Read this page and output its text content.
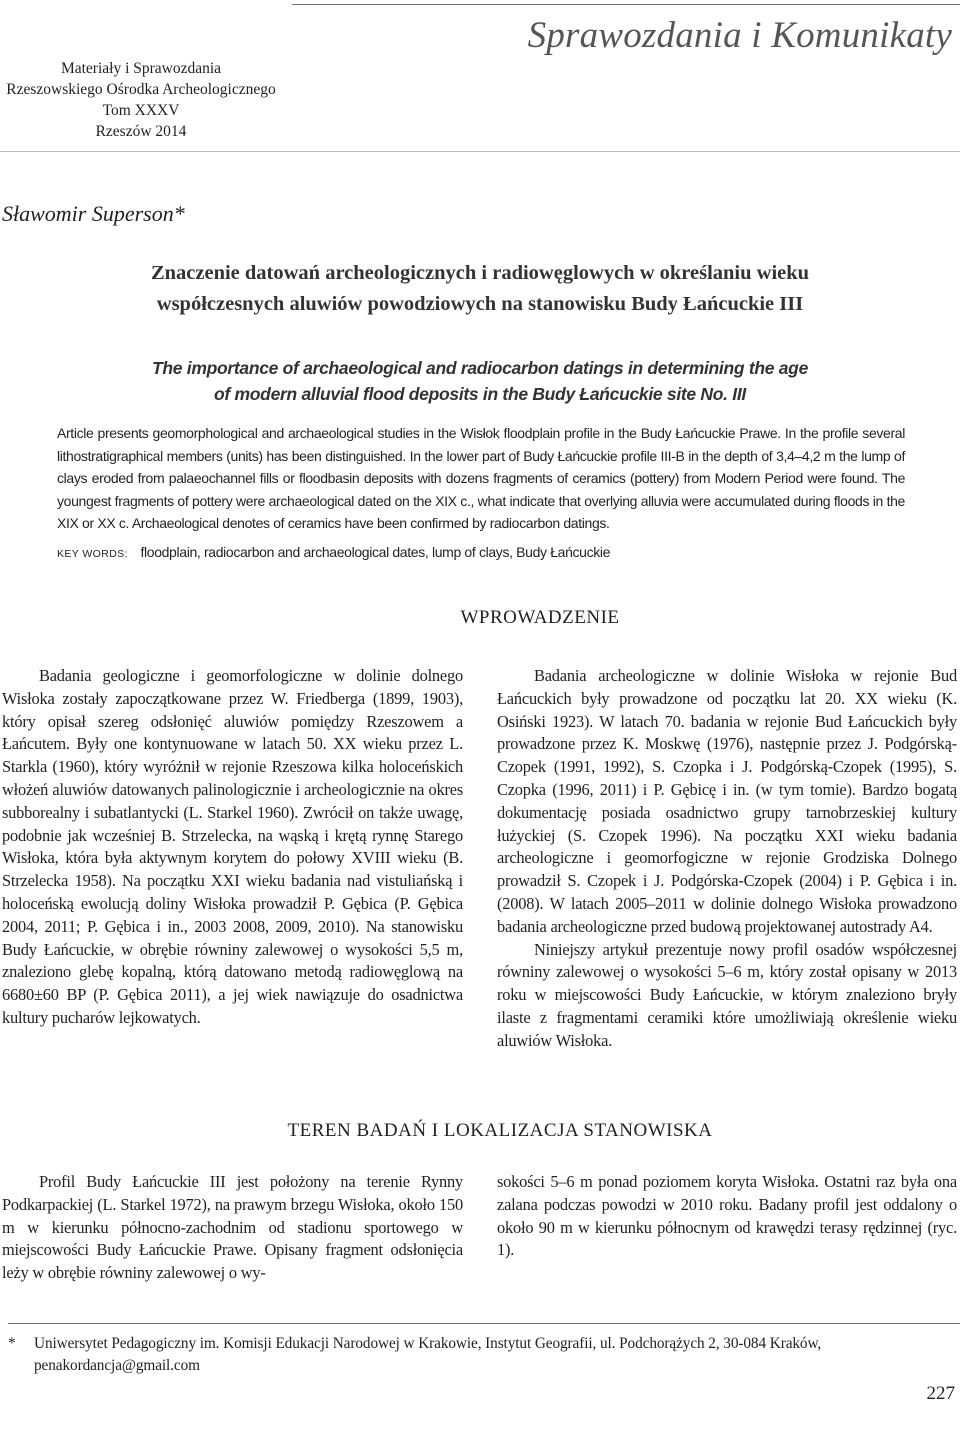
Materiały i Sprawozdania
Rzeszowskiego Ośrodka Archeologicznego
Tom XXXV
Rzeszów 2014
Sprawozdania i Komunikaty
Sławomir Superson*
Znaczenie datowań archeologicznych i radiowęglowych w określaniu wieku
współczesnych aluwiów powodziowych na stanowisku Budy Łańcuckie III
The importance of archaeological and radiocarbon datings in determining the age
of modern alluvial flood deposits in the Budy Łańcuckie site No. III
Article presents geomorphological and archaeological studies in the Wisłok floodplain profile in the Budy Łańcuckie Prawe. In the profile several lithostratigraphical members (units) has been distinguished. In the lower part of Budy Łańcuckie profile III-B in the depth of 3,4–4,2 m the lump of clays eroded from palaeochannel fills or floodbasin deposits with dozens fragments of ceramics (pottery) from Modern Period were found. The youngest fragments of pottery were archaeological dated on the XIX c., what indicate that overlying alluvia were accumulated during floods in the XIX or XX c. Archaeological denotes of ceramics have been confirmed by radiocarbon datings.
KEY WORDS: floodplain, radiocarbon and archaeological dates, lump of clays, Budy Łańcuckie
WPROWADZENIE

Badania geologiczne i geomorfologiczne w dolinie dolnego Wisłoka zostały zapoczątkowane przez W. Friedberga (1899, 1903), który opisał szereg odsłonięć aluwiów pomiędzy Rzeszowem a Łańcutem. Były one kontynuowane w latach 50. XX wieku przez L. Starkla (1960), który wyróżnił w rejonie Rzeszowa kilka holoceńskich włożeń aluwiów datowanych palinologicznie i archeologicznie na okres subborealny i subatlantycki (L. Starkel 1960). Zwrócił on także uwagę, podobnie jak wcześniej B. Strzelecka, na wąską i krętą rynnę Starego Wisłoka, która była aktywnym korytem do połowy XVIII wieku (B. Strzelecka 1958). Na początku XXI wieku badania nad vistuliańską i holoceńską ewolucją doliny Wisłoka prowadził P. Gębica (P. Gębica 2004, 2011; P. Gębica i in., 2003 2008, 2009, 2010). Na stanowisku Budy Łańcuckie, w obrębie równiny zalewowej o wysokości 5,5 m, znaleziono glebę kopalną, którą datowano metodą radiowęglową na 6680±60 BP (P. Gębica 2011), a jej wiek nawiązuje do osadnictwa kultury pucharów lejkowatych.

Badania archeologiczne w dolinie Wisłoka w rejonie Bud Łańcuckich były prowadzone od początku lat 20. XX wieku (K. Osiński 1923). W latach 70. badania w rejonie Bud Łańcuckich były prowadzone przez K. Moskwę (1976), następnie przez J. Podgórską-Czopek (1991, 1992), S. Czopka i J. Podgórską-Czopek (1995), S. Czopka (1996, 2011) i P. Gębicę i in. (w tym tomie). Bardzo bogatą dokumentację posiada osadnictwo grupy tarnobrzeskiej kultury łużyckiej (S. Czopek 1996). Na początku XXI wieku badania archeologiczne i geomorfogiczne w rejonie Grodziska Dolnego prowadził S. Czopek i J. Podgórska-Czopek (2004) i P. Gębica i in. (2008). W latach 2005–2011 w dolinie dolnego Wisłoka prowadzono badania archeologiczne przed budową projektowanej autostrady A4.

Niniejszy artykuł prezentuje nowy profil osadów współczesnej równiny zalewowej o wysokości 5–6 m, który został opisany w 2013 roku w miejscowości Budy Łańcuckie, w którym znaleziono bryły ilaste z fragmentami ceramiki które umożliwiają określenie wieku aluwiów Wisłoka.

TEREN BADAŃ I LOKALIZACJA STANOWISKA

Profil Budy Łańcuckie III jest położony na terenie Rynny Podkarpackiej (L. Starkel 1972), na prawym brzegu Wisłoka, około 150 m w kierunku północno-zachodnim od stadionu sportowego w miejscowości Budy Łańcuckie Prawe. Opisany fragment odsłonięcia leży w obrębie równiny zalewowej o wy-

sokości 5–6 m ponad poziomem koryta Wisłoka. Ostatni raz była ona zalana podczas powodzi w 2010 roku. Badany profil jest oddalony o około 90 m w kierunku północnym od krawędzi terasy rędzinnej (ryc. 1).

*	Uniwersytet Pedagogiczny im. Komisji Edukacji Narodowej w Krakowie, Instytut Geografii, ul. Podchorążych 2, 30-084 Kraków, penakordancja@gmail.com
227
